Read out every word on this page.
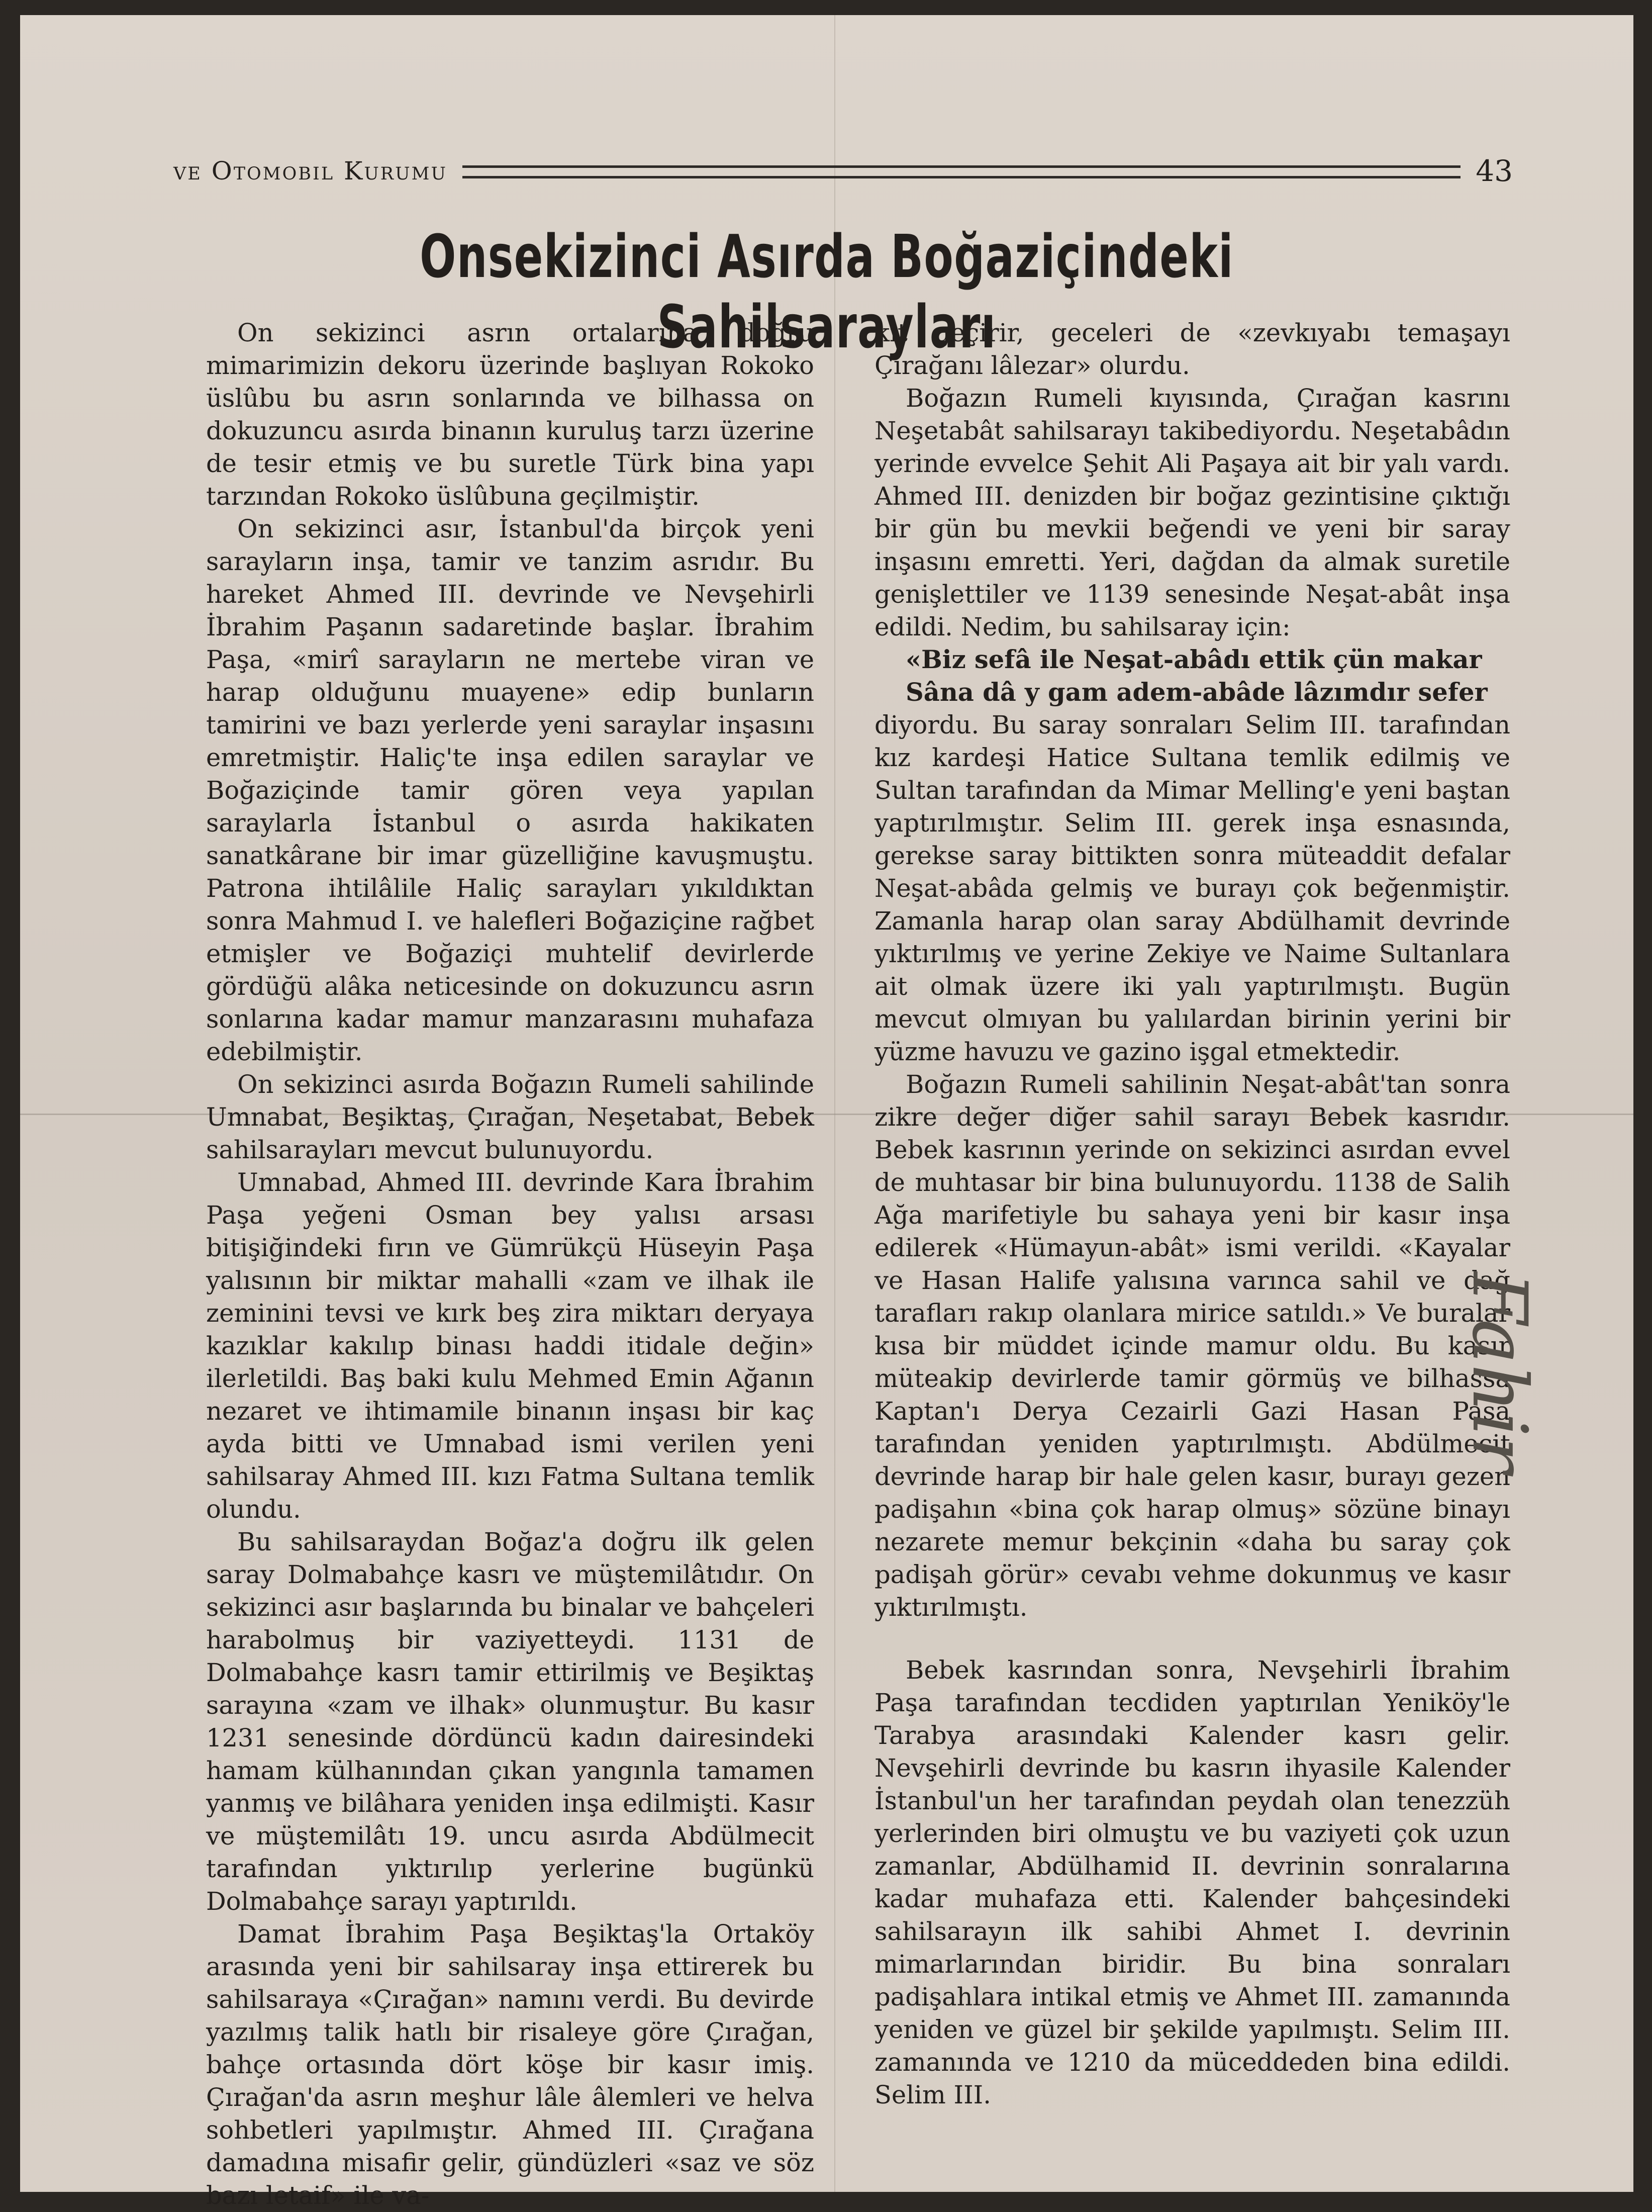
ve Otomobil Kurumu	43
Onsekizinci Asırda Boğaziçindeki Sahilsarayları

On sekizinci asrın ortalarına doğru mimarimizin dekoru üzerinde başlıyan Rokoko üslûbu bu asrın sonlarında ve bilhassa on dokuzuncu asırda binanın kuruluş tarzı üzerine de tesir etmiş ve bu suretle Türk bina yapı tarzından Rokoko üslûbuna geçilmiştir.

On sekizinci asır, İstanbul'da birçok yeni sarayların inşa, tamir ve tanzim asrıdır. Bu hareket Ahmed III. devrinde ve Nevşehirli İbrahim Paşanın sadaretinde başlar. İbrahim Paşa, «mirî sarayların ne mertebe viran ve harap olduğunu muayene» edip bunların tamirini ve bazı yerlerde yeni saraylar inşasını emretmiştir. Haliç'te inşa edilen saraylar ve Boğaziçinde tamir gören veya yapılan saraylarla İstanbul o asırda hakikaten sanatkârane bir imar güzelliğine kavuşmuştu. Patrona ihtilâlile Haliç sarayları yıkıldıktan sonra Mahmud I. ve halefleri Boğaziçine rağbet etmişler ve Boğaziçi muhtelif devirlerde gördüğü alâka neticesinde on dokuzuncu asrın sonlarına kadar mamur manzarasını muhafaza edebilmiştir.

On sekizinci asırda Boğazın Rumeli sahilinde Umnabat, Beşiktaş, Çırağan, Neşetabat, Bebek sahilsarayları mevcut bulunuyordu.

Umnabad, Ahmed III. devrinde Kara İbrahim Paşa yeğeni Osman bey yalısı arsası bitişiğindeki fırın ve Gümrükçü Hüseyin Paşa yalısının bir miktar mahalli «zam ve ilhak ile zeminini tevsi ve kırk beş zira miktarı deryaya kazıklar kakılıp binası haddi itidale değin» ilerletildi. Baş baki kulu Mehmed Emin Ağanın nezaret ve ihtimamile binanın inşası bir kaç ayda bitti ve Umnabad ismi verilen yeni sahilsaray Ahmed III. kızı Fatma Sultana temlik olundu.

Bu sahilsaraydan Boğaz'a doğru ilk gelen saray Dolmabahçe kasrı ve müştemilâtıdır. On sekizinci asır başlarında bu binalar ve bahçeleri harabolmuş bir vaziyetteydi. 1131 de Dolmabahçe kasrı tamir ettirilmiş ve Beşiktaş sarayına «zam ve ilhak» olunmuştur. Bu kasır 1231 senesinde dördüncü kadın dairesindeki hamam külhanından çıkan yangınla tamamen yanmış ve bilâhara yeniden inşa edilmişti. Kasır ve müştemilâtı 19. uncu asırda Abdülmecit tarafından yıktırılıp yerlerine bugünkü Dolmabahçe sarayı yaptırıldı.

Damat İbrahim Paşa Beşiktaş'la Ortaköy arasında yeni bir sahilsaray inşa ettirerek bu sahilsaraya «Çırağan» namını verdi. Bu devirde yazılmış talik hatlı bir risaleye göre Çırağan, bahçe ortasında dört köşe bir kasır imiş. Çırağan'da asrın meşhur lâle âlemleri ve helva sohbetleri yapılmıştır. Ahmed III. Çırağana damadına misafir gelir, gündüzleri «saz ve söz bazı letaif» ile va-

kit geçirir, geceleri de «zevkıyabı temaşayı Çırağanı lâlezar» olurdu.

Boğazın Rumeli kıyısında, Çırağan kasrını Neşetabât sahilsarayı takibediyordu. Neşetabâdın yerinde evvelce Şehit Ali Paşaya ait bir yalı vardı. Ahmed III. denizden bir boğaz gezintisine çıktığı bir gün bu mevkii beğendi ve yeni bir saray inşasını emretti. Yeri, dağdan da almak suretile genişlettiler ve 1139 senesinde Neşat-abât inşa edildi. Nedim, bu sahilsaray için:

«Biz sefâ ile Neşat-abâdı ettik çün makar
Sâna dâ y gam adem-abâde lâzımdır sefer

diyordu. Bu saray sonraları Selim III. tarafından kız kardeşi Hatice Sultana temlik edilmiş ve Sultan tarafından da Mimar Melling'e yeni baştan yaptırılmıştır. Selim III. gerek inşa esnasında, gerekse saray bittikten sonra müteaddit defalar Neşat-abâda gelmiş ve burayı çok beğenmiştir. Zamanla harap olan saray Abdülhamit devrinde yıktırılmış ve yerine Zekiye ve Naime Sultanlara ait olmak üzere iki yalı yaptırılmıştı. Bugün mevcut olmıyan bu yalılardan birinin yerini bir yüzme havuzu ve gazino işgal etmektedir.

Boğazın Rumeli sahilinin Neşat-abât'tan sonra zikre değer diğer sahil sarayı Bebek kasrıdır. Bebek kasrının yerinde on sekizinci asırdan evvel de muhtasar bir bina bulunuyordu. 1138 de Salih Ağa marifetiyle bu sahaya yeni bir kasır inşa edilerek «Hümayun-abât» ismi verildi. «Kayalar ve Hasan Halife yalısına varınca sahil ve dağ tarafları rakıp olanlara mirice satıldı.» Ve buralar kısa bir müddet içinde mamur oldu. Bu kasır müteakip devirlerde tamir görmüş ve bilhassa Kaptan'ı Derya Cezairli Gazi Hasan Paşa tarafından yeniden yaptırılmıştı. Abdülmecit devrinde harap bir hale gelen kasır, burayı gezen padişahın «bina çok harap olmuş» sözüne binayı nezarete memur bekçinin «daha bu saray çok padişah görür» cevabı vehme dokunmuş ve kasır yıktırılmıştı.

Bebek kasrından sonra, Nevşehirli İbrahim Paşa tarafından tecdiden yaptırılan Yeniköy'le Tarabya arasındaki Kalender kasrı gelir. Nevşehirli devrinde bu kasrın ihyasile Kalender İstanbul'un her tarafından peydah olan tenezzüh yerlerinden biri olmuştu ve bu vaziyeti çok uzun zamanlar, Abdülhamid II. devrinin sonralarına kadar muhafaza etti. Kalender bahçesindeki sahilsarayın ilk sahibi Ahmet I. devrinin mimarlarından biridir. Bu bina sonraları padişahlara intikal etmiş ve Ahmet III. zamanında yeniden ve güzel bir şekilde yapılmıştı. Selim III. zamanında ve 1210 da müceddeden bina edildi. Selim III.

Fahir
